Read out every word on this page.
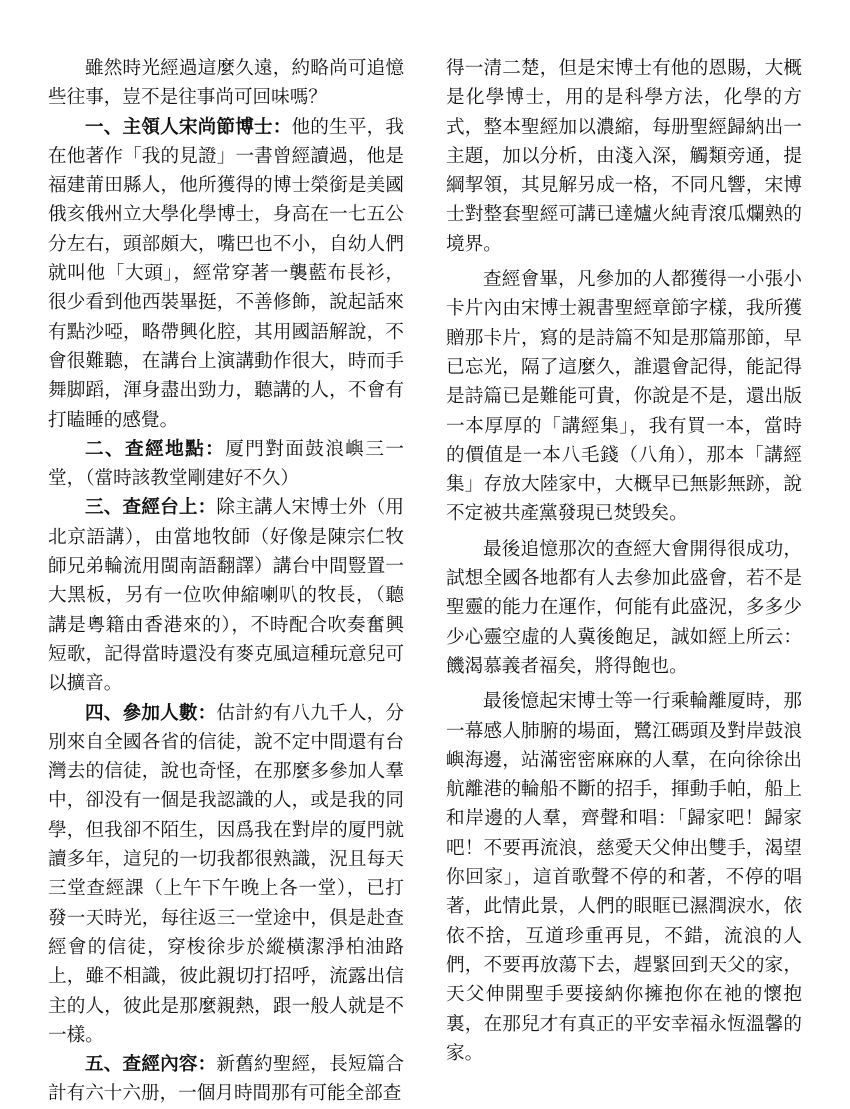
雖然時光經過這麼久遠，約略尚可追憶些往事，豈不是往事尚可回味嗎？

一、主領人宋尚節博士：他的生平，我在他著作「我的見證」一書曾經讀過，他是福建莆田縣人，他所獲得的博士榮銜是美國俄亥俄州立大學化學博士，身高在一七五公分左右，頭部頗大，嘴巴也不小，自幼人們就叫他「大頭」，經常穿著一襲藍布長衫，很少看到他西裝畢挺，不善修飾，說起話來有點沙啞，略帶興化腔，其用國語解說，不會很難聽，在講台上演講動作很大，時而手舞脚蹈，渾身盡出勁力，聽講的人，不會有打瞌睡的感覺。

二、查經地點：厦門對面鼓浪嶼三一堂，（當時該教堂剛建好不久）

三、查經台上：除主講人宋博士外（用北京語講），由當地牧師（好像是陳宗仁牧師兄弟輪流用閩南語翻譯）講台中間豎置一大黑板，另有一位吹伸縮喇叭的牧長，（聽講是粵籍由香港來的），不時配合吹奏奮興短歌，記得當時還没有麥克風這種玩意兒可以擴音。

四、參加人數：估計約有八九千人，分別來自全國各省的信徒，說不定中間還有台灣去的信徒，說也奇怪，在那麼多參加人羣中，卻没有一個是我認識的人，或是我的同學，但我卻不陌生，因爲我在對岸的厦門就讀多年，這兒的一切我都很熟識，況且每天三堂查經課（上午下午晚上各一堂），已打發一天時光，每往返三一堂途中，俱是赴查經會的信徒，穿梭徐步於縱橫潔淨柏油路上，雖不相識，彼此親切打招呼，流露出信主的人，彼此是那麼親熱，跟一般人就是不一樣。

五、查經內容：新舊約聖經，長短篇合計有六十六册，一個月時間那有可能全部查

得一清二楚，但是宋博士有他的恩賜，大概是化學博士，用的是科學方法，化學的方式，整本聖經加以濃縮，每册聖經歸納出一主題，加以分析，由淺入深，觸類旁通，提綱挈領，其見解另成一格，不同凡響，宋博士對整套聖經可講已達爐火純青滾瓜爛熟的境界。

查經會畢，凡參加的人都獲得一小張小卡片內由宋博士親書聖經章節字樣，我所獲贈那卡片，寫的是詩篇不知是那篇那節，早已忘光，隔了這麼久，誰還會記得，能記得是詩篇已是難能可貴，你說是不是，還出版一本厚厚的「講經集」，我有買一本，當時的價值是一本八毛錢（八角），那本「講經集」存放大陸家中，大概早已無影無跡，說不定被共產黨發現已焚毁矣。

最後追憶那次的查經大會開得很成功，試想全國各地都有人去參加此盛會，若不是聖靈的能力在運作，何能有此盛況，多多少少心靈空虛的人冀後飽足，誠如經上所云：饑渴慕義者福矣，將得飽也。

最後憶起宋博士等一行乘輪離厦時，那一幕感人肺腑的場面，鷺江碼頭及對岸鼓浪嶼海邊，站滿密密麻麻的人羣，在向徐徐出航離港的輪船不斷的招手，揮動手帕，船上和岸邊的人羣，齊聲和唱：「歸家吧！歸家吧！不要再流浪，慈愛天父伸出雙手，渴望你回家」，這首歌聲不停的和著，不停的唱著，此情此景，人們的眼眶已濕潤淚水，依依不捨，互道珍重再見，不錯，流浪的人們，不要再放蕩下去，趕緊回到天父的家，天父伸開聖手要接納你擁抱你在祂的懷抱裏，在那兒才有真正的平安幸福永恆溫馨的家。
